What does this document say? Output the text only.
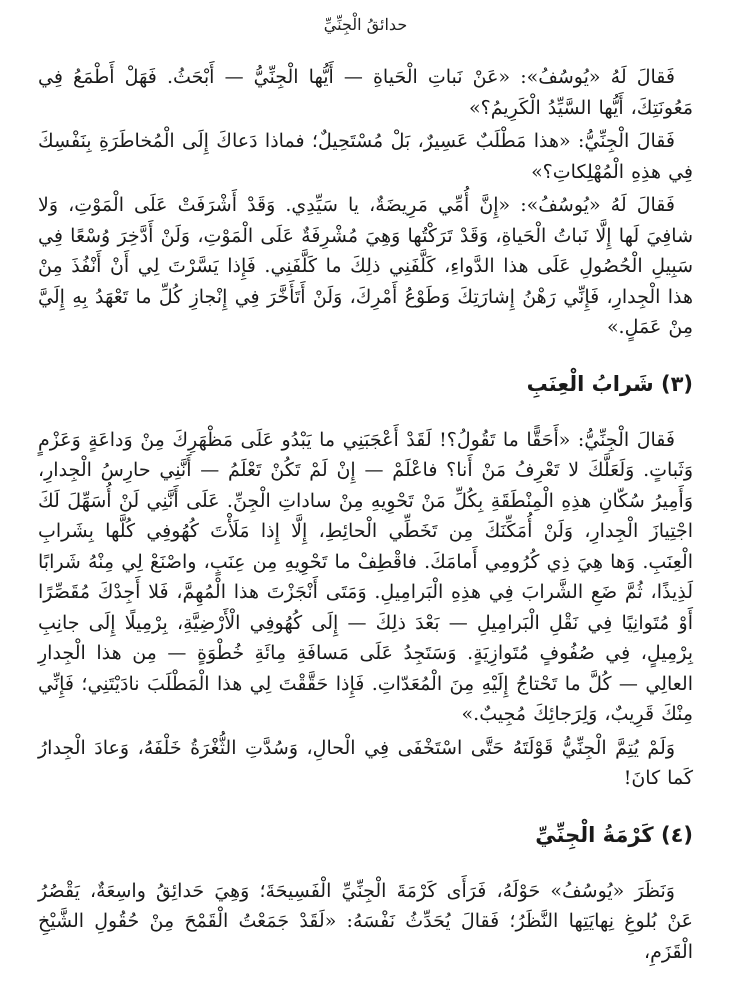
حدائقُ الْجِنِّيِّ

فَقالَ لَهُ «يُوسُفُ»: «عَنْ نَباتِ الْحَياةِ — أَيُّها الْجِنِّيُّ — أَبْحَثُ. فَهَلْ أَطْمَعُ فِي مَعُونَتِكَ، أَيُّها السَّيِّدُ الْكَرِيمُ؟»

فَقالَ الْجِنِّيُّ: «هذا مَطْلَبٌ عَسِيرٌ، بَلْ مُسْتَحِيلٌ؛ فماذا دَعاكَ إِلَى الْمُخاطَرَةِ بِنَفْسِكَ فِي هذِهِ الْمُهْلِكاتِ؟»

فَقالَ لَهُ «يُوسُفُ»: «إِنَّ أُمِّي مَرِيضَةٌ، يا سَيِّدِي. وَقَدْ أَشْرَفَتْ عَلَى الْمَوْتِ، وَلا شافِيَ لَها إِلَّا نَباتُ الْحَياةِ، وَقَدْ تَرَكْتُها وَهِيَ مُشْرِفَةٌ عَلَى الْمَوْتِ، وَلَنْ أَدَّخِرَ وُسْعًا فِي سَبِيلِ الْحُصُولِ عَلَى هذا الدَّواءِ، كَلَّفَنِي ذلِكَ ما كَلَّفَنِي. فَإِذا يَسَّرْتَ لِي أَنْ أَنْفُذَ مِنْ هذا الْجِدارِ، فَإِنِّي رَهْنُ إِشارَتِكَ وَطَوْعُ أَمْرِكَ، وَلَنْ أَتَأَخَّرَ فِي إِنْجازِ كُلِّ ما تَعْهَدُ بِهِ إِلَيَّ مِنْ عَمَلٍ.»

(٣) شَرابُ الْعِنَبِ

فَقالَ الْجِنِّيُّ: «أَحَقًّا ما تَقُولُ؟! لَقَدْ أَعْجَبَنِي ما يَبْدُو عَلَى مَظْهَرِكَ مِنْ وَداعَةٍ وَعَزْمٍ وَثَباتٍ. وَلَعَلَّكَ لا تَعْرِفُ مَنْ أَنا؟ فاعْلَمْ — إِنْ لَمْ تَكُنْ تَعْلَمُ — أَنَّنِي حارِسُ الْجِدارِ، وَأَمِيرُ سُكّانِ هذِهِ الْمِنْطَقَةِ بِكُلِّ مَنْ تَحْوِيهِ مِنْ ساداتِ الْجِنِّ. عَلَى أَنَّنِي لَنْ أُسَهِّلَ لَكَ اجْتِيازَ الْجِدارِ، وَلَنْ أُمَكِّنَكَ مِن تَخَطِّي الْحائِطِ، إِلَّا إِذا مَلَأْتَ كُهُوفِي كُلَّها بِشَرابِ الْعِنَبِ. وَها هِيَ ذِي كُرُومِي أَمامَكَ. فاقْطِفْ ما تَحْوِيهِ مِن عِنَبٍ، واصْنَعْ لِي مِنْهُ شَرابًا لَذِيذًا، ثُمَّ ضَعِ الشَّرابَ فِي هذِهِ الْبَرامِيلِ. وَمَتَى أَنْجَزْتَ هذا الْمُهِمَّ، فَلا أَجِدْكَ مُقَصِّرًا أَوْ مُتَوانِيًا فِي نَقْلِ الْبَرامِيلِ — بَعْدَ ذلِكَ — إِلَى كُهُوفِي الْأَرْضِيَّةِ، بِرْمِيلًا إِلَى جانِبِ بِرْمِيلٍ، فِي صُفُوفٍ مُتَوازِيَةٍ. وَسَتَجِدُ عَلَى مَسافَةِ مِائَةِ خُطْوَةٍ — مِن هذا الْجِدارِ العالِي — كُلَّ ما تَحْتاجُ إِلَيْهِ مِنَ الْمُعَدّاتِ. فَإِذا حَقَّقْتَ لِي هذا الْمَطْلَبَ نادَيْتَنِي؛ فَإِنِّي مِنْكَ قَرِيبٌ، وَلِرَجائِكَ مُجِيبٌ.»

وَلَمْ يُتِمَّ الْجِنِّيُّ قَوْلَتَهُ حَتَّى اسْتَخْفَى فِي الْحالِ، وَسُدَّتِ الثُّغْرَةُ خَلْفَهُ، وَعادَ الْجِدارُ كَما كانَ!

(٤) كَرْمَةُ الْجِنِّيِّ

وَنَظَرَ «يُوسُفُ» حَوْلَهُ، فَرَأَى كَرْمَةَ الْجِنِّيِّ الْفَسِيحَةَ؛ وَهِيَ حَدائِقُ واسِعَةٌ، يَقْصُرُ عَنْ بُلوغِ نِهايَتِها النَّظَرُ؛ فَقالَ يُحَدِّثُ نَفْسَهُ: «لَقَدْ جَمَعْتُ الْقَمْحَ مِنْ حُقُولِ الشَّيْخِ الْقَزَمِ،
